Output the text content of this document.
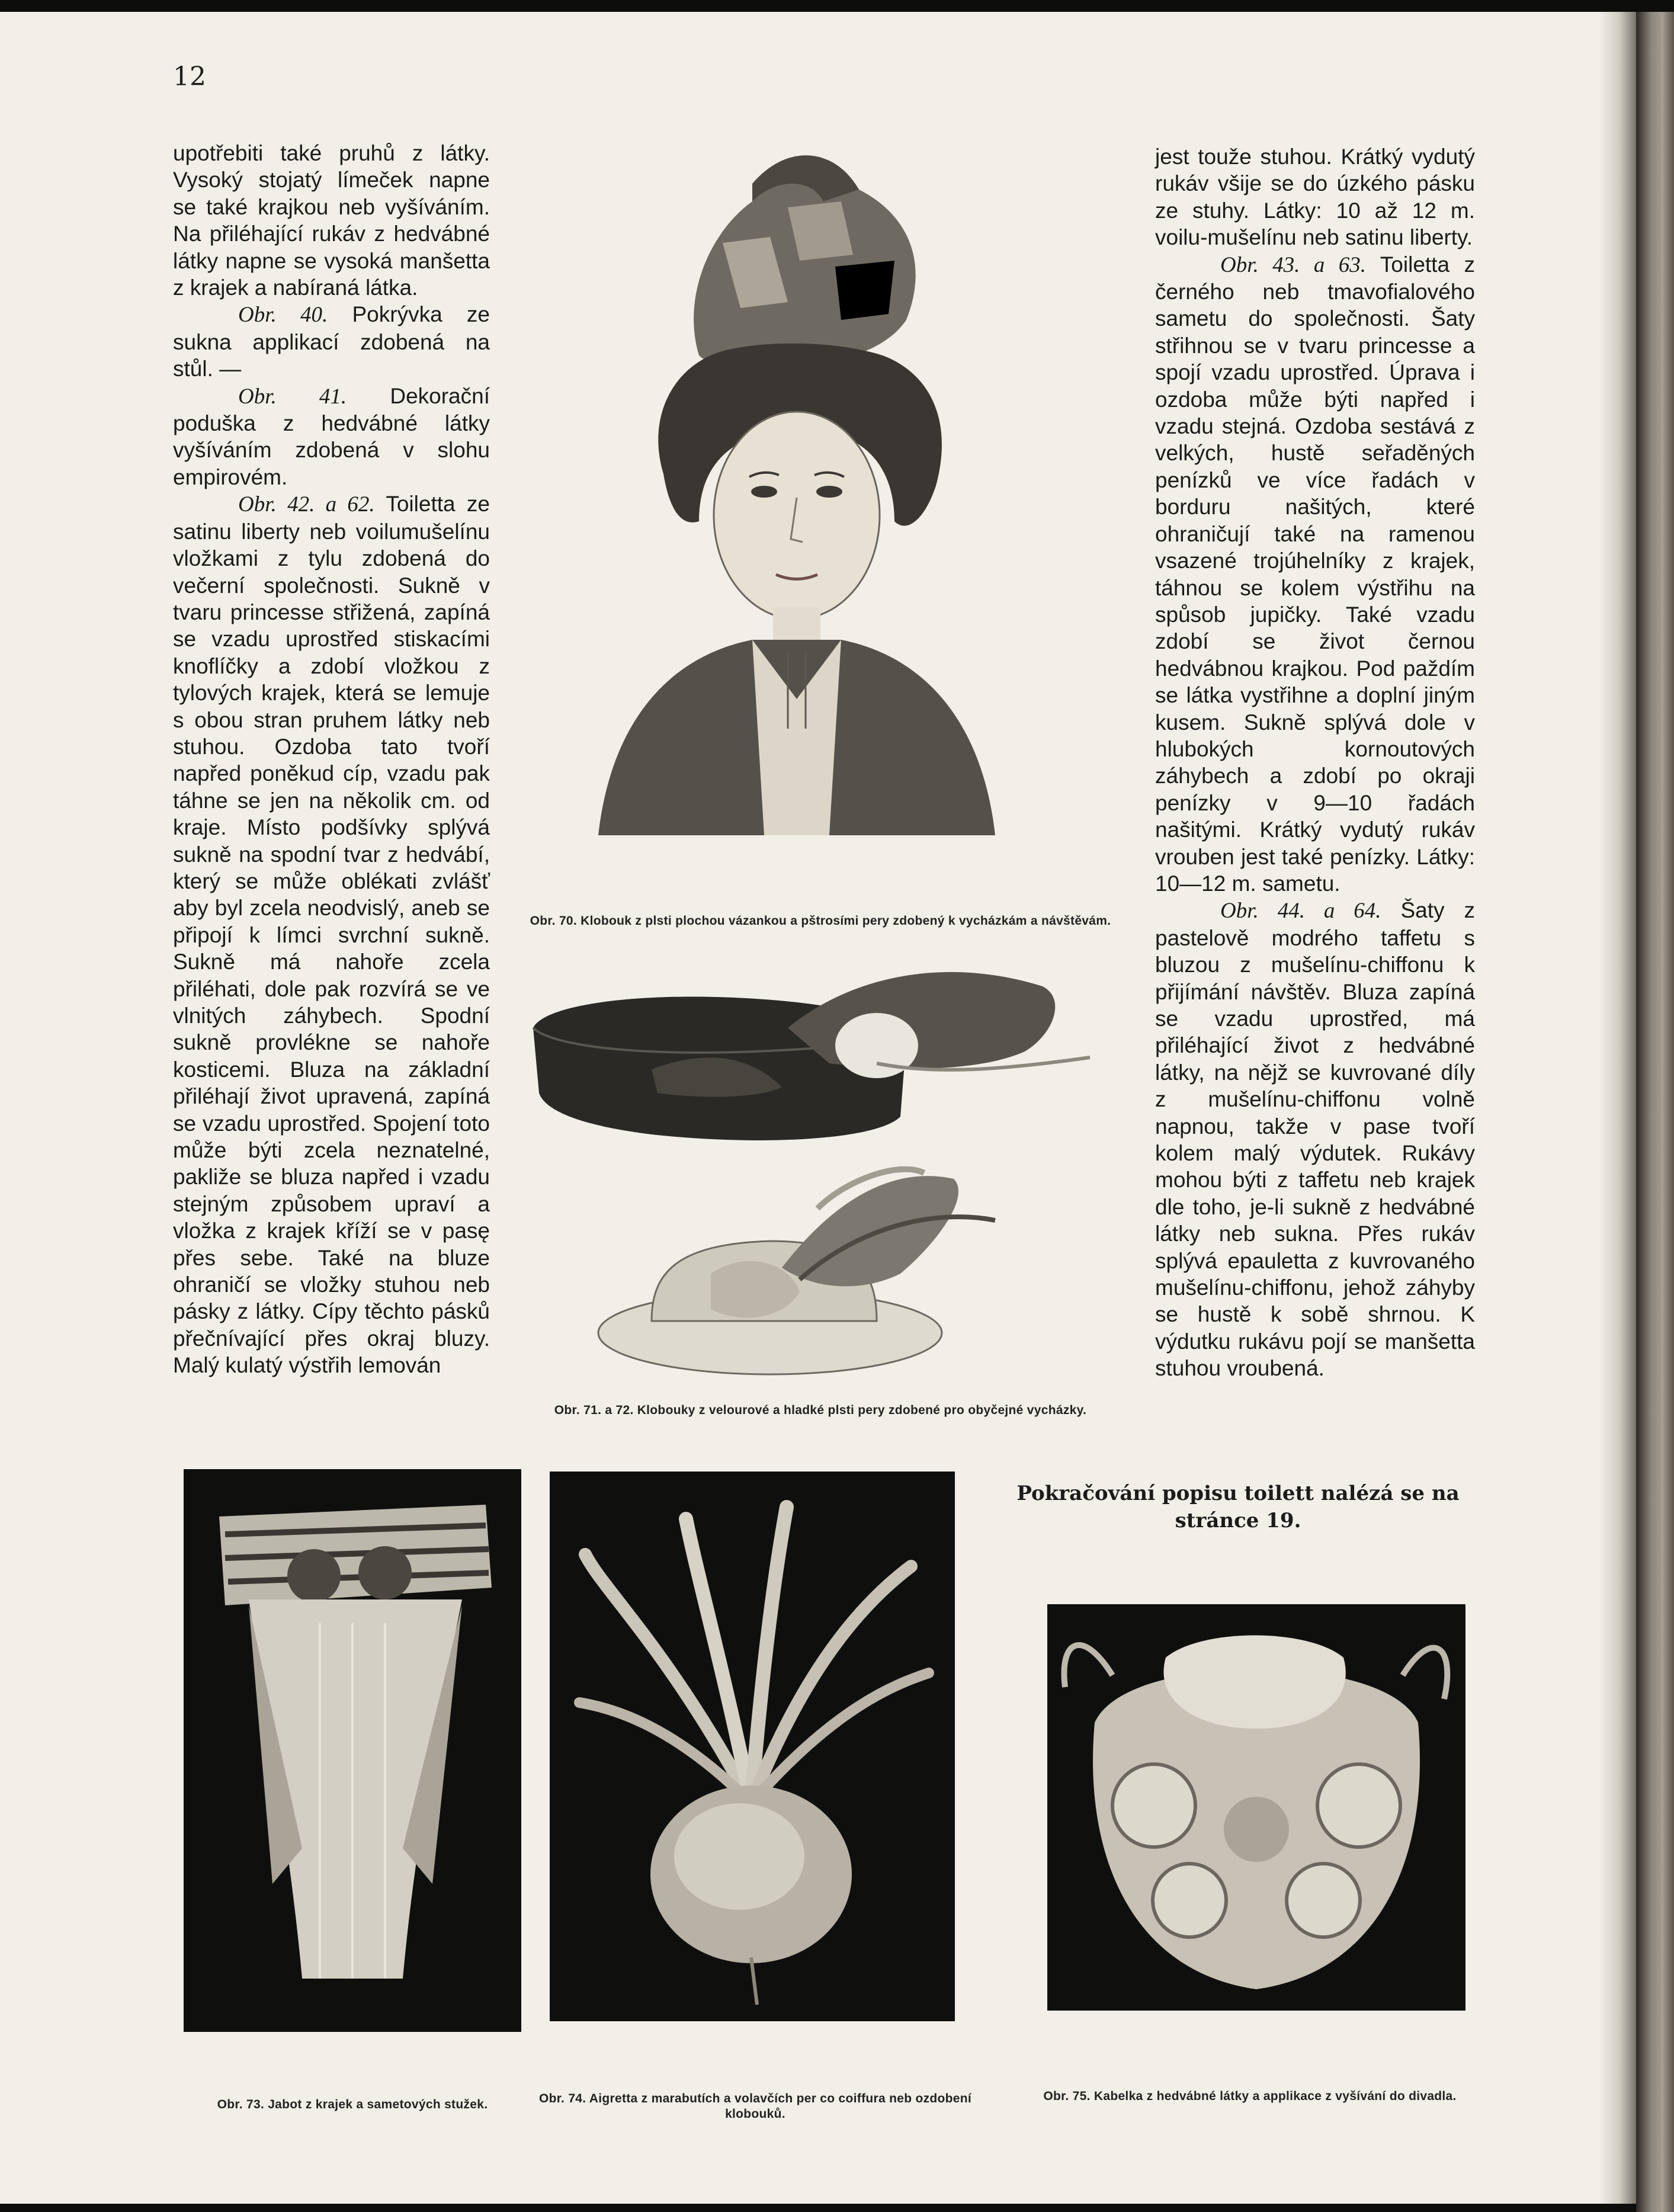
12

upotřebiti také pruhů z látky. Vysoký stojatý límeček napne se také krajkou neb vyšíváním. Na přiléhající rukáv z hedvábné látky napne se vysoká manšetta z krajek a nabíraná látka.

Obr. 40. Pokrývka ze sukna applikací zdobená na stůl. —

Obr. 41. Dekorační poduška z hedvábné látky vyšíváním zdobená v slohu empirovém.

Obr. 42. a 62. Toiletta ze satinu liberty neb voilumušelínu vložkami z tylu zdobená do večerní společnosti. Sukně v tvaru princesse střižená, zapíná se vzadu uprostřed stiskacími knoflíčky a zdobí vložkou z tylových krajek, která se lemuje s obou stran pruhem látky neb stuhou. Ozdoba tato tvoří napřed poněkud cíp, vzadu pak táhne se jen na několik cm. od kraje. Místo podšívky splývá sukně na spodní tvar z hedvábí, který se může oblékati zvlášť aby byl zcela neodvislý, aneb se připojí k límci svrchní sukně. Sukně má nahoře zcela přiléhati, dole pak rozvírá se ve vlnitých záhybech. Spodní sukně provlékne se nahoře kosticemi. Bluza na základní přiléhají život upravená, zapíná se vzadu uprostřed. Spojení toto může býti zcela neznatelné, pakliže se bluza napřed i vzadu stejným způsobem upraví a vložka z krajek kříží se v pasę přes sebe. Také na bluze ohraničí se vložky stuhou neb pásky z látky. Cípy těchto pásků přečnívající přes okraj bluzy. Malý kulatý výstřih lemován

Obr. 70. Klobouk z plsti plochou vázankou a pštrosími pery zdobený k vycházkám a návštěvám.
Obr. 71. a 72. Klobouky z velourové a hladké plsti pery zdobené pro obyčejné vycházky.

jest touže stuhou. Krátký vydutý rukáv všije se do úzkého pásku ze stuhy. Látky: 10 až 12 m. voilu-mušelínu neb satinu liberty.

Obr. 43. a 63. Toiletta z černého neb tmavofialového sametu do společnosti. Šaty střihnou se v tvaru princesse a spojí vzadu uprostřed. Úprava i ozdoba může býti napřed i vzadu stejná. Ozdoba sestává z velkých, hustě seřaděných penízků ve více řadách v borduru našitých, které ohraničují také na ramenou vsazené trojúhelníky z krajek, táhnou se kolem výstřihu na spůsob jupičky. Také vzadu zdobí se život černou hedvábnou krajkou. Pod paždím se látka vystřihne a doplní jiným kusem. Sukně splývá dole v hlubokých kornoutových záhybech a zdobí po okraji penízky v 9—10 řadách našitými. Krátký vydutý rukáv vrouben jest také penízky. Látky: 10—12 m. sametu.

Obr. 44. a 64. Šaty z pastelově modrého taffetu s bluzou z mušelínu-chiffonu k přijímání návštěv. Bluza zapíná se vzadu uprostřed, má přiléhající život z hedvábné látky, na nějž se kuvrované díly z mušelínu-chiffonu volně napnou, takže v pase tvoří kolem malý výdutek. Rukávy mohou býti z taffetu neb krajek dle toho, je-li sukně z hedvábné látky neb sukna. Přes rukáv splývá epauletta z kuvrovaného mušelínu-chiffonu, jehož záhyby se hustě k sobě shrnou. K výdutku rukávu pojí se manšetta stuhou vroubená.

Pokračování popisu toilett nalézá se na stránce 19.
Obr. 73. Jabot z krajek a sametových stužek.	Obr. 74. Aigretta z marabutích a volavčích per co coiffura neb ozdobení klobouků.
Obr. 75. Kabelka z hedvábné látky a applikace z vyšívání do divadla.
